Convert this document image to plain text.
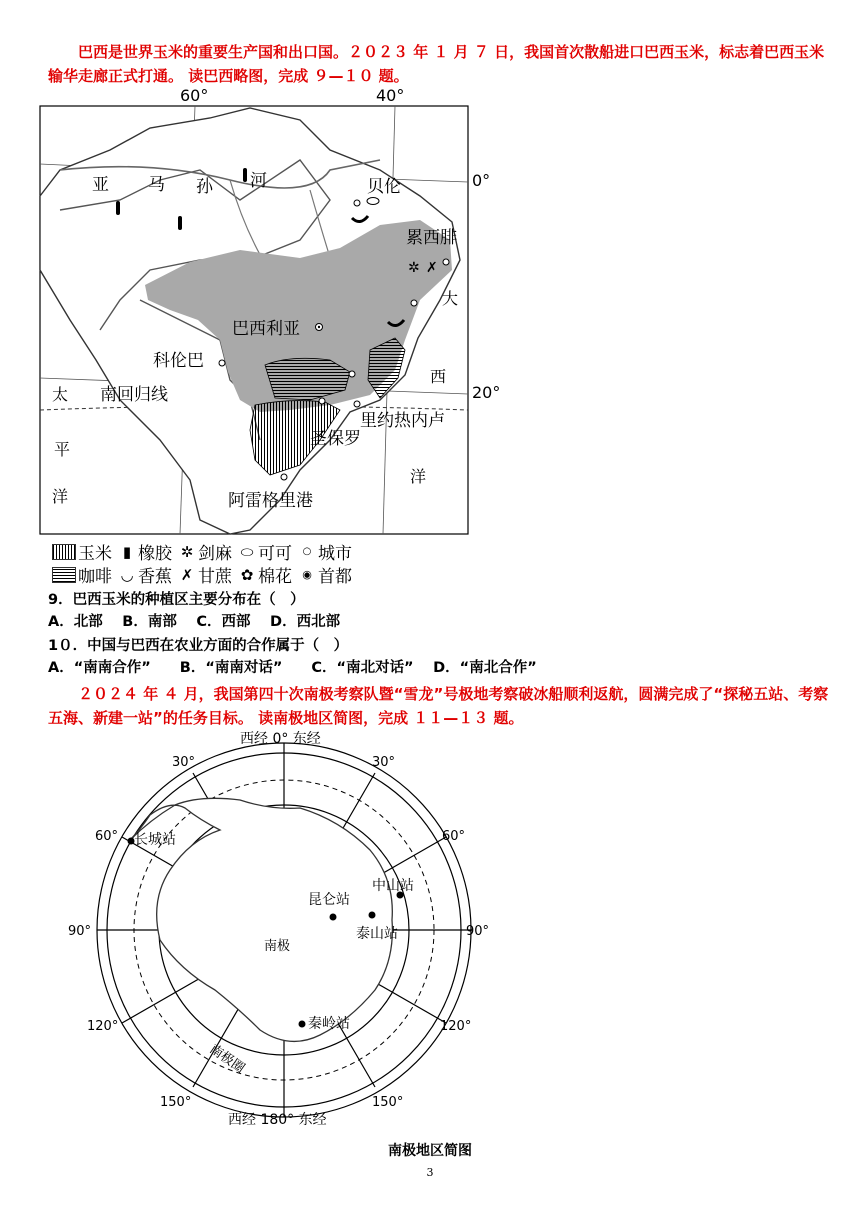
巴西是世界玉米的重要生产国和出口国。２０２３ 年 １ 月 ７ 日，我国首次散船进口巴西玉米，标志着巴西玉米输华走廊正式打通。 读巴西略图，完成 ９—１０ 题。
✲ ✗
60°	40°
0°
20°
亚 马 孙 河	贝伦
累西腓
巴西利亚
科伦巴
里约热内卢
圣保罗
阿雷格里港
南回归线
太
平
洋
大
西
洋
玉米 ▮ 橡胶 ✲ 剑麻 ⬭ 可可	○ 城市
咖啡 ◡ 香蕉 ✗ 甘蔗 ✿ 棉花 ◉ 首都
9．巴西玉米的种植区主要分布在（　）
A．北部　 B．南部　 C．西部　 D．西北部
1０．中国与巴西在农业方面的合作属于（　）
A．“南南合作”　　B．“南南对话”　　C．“南北对话”　 D．“南北合作”
２０２４ 年 ４ 月，我国第四十次南极考察队暨“雪龙”号极地考察破冰船顺利返航，圆满完成了“探秘五站、考察五海、新建一站”的任务目标。 读南极地区简图，完成 １１—１３ 题。
西经 0° 东经
西经 180° 东经
30°	30°
60°	60°
90°	90°
120°	120°
150°	150°
长城站
昆仑站
中山站
泰山站
秦岭站
南极
南极圈
南极地区简图
3
